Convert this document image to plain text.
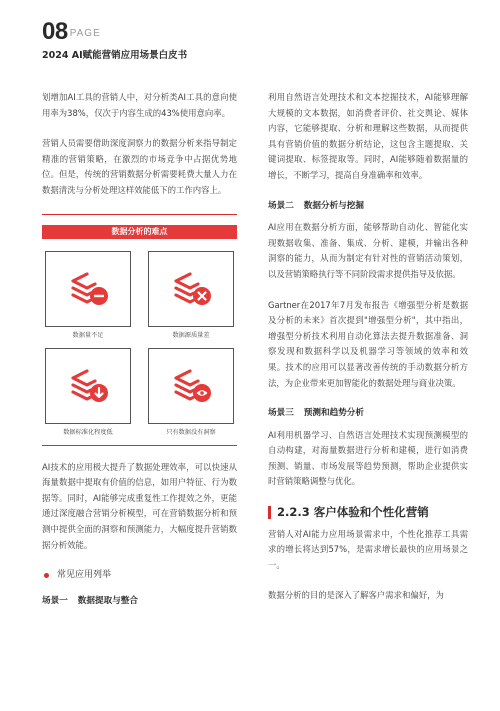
08 PAGE
2024 AI赋能营销应用场景白皮书

划增加AI工具的营销人中，对分析类AI工具的意向使用率为38%，仅次于内容生成的43%使用意向率。

营销人员需要借助深度洞察力的数据分析来指导制定精准的营销策略，在激烈的市场竞争中占据优势地位。但是，传统的营销数据分析需要耗费大量人力在数据清洗与分析处理这样效能低下的工作内容上。

数据分析的难点
数据量不足	数据源质量差
数据标准化程度低	只有数据没有洞察

AI技术的应用极大提升了数据处理效率，可以快速从海量数据中提取有价值的信息，如用户特征、行为数据等。同时，AI能够完成重复性工作提效之外，更能通过深度融合营销分析模型，可在营销数据分析和预测中提供全面的洞察和预测能力，大幅度提升营销数据分析效能。

常见应用列举
场景一 数据提取与整合

利用自然语言处理技术和文本挖掘技术，AI能够理解大规模的文本数据，如消费者评价、社交舆论、媒体内容，它能够提取、分析和理解这些数据，从而提供具有营销价值的数据分析结论，这包含主题提取、关键词提取、标签提取等。同时，AI能够随着数据量的增长，不断学习，提高自身准确率和效率。

场景二 数据分析与挖掘

AI应用在数据分析方面，能够帮助自动化、智能化实现数据收集、准备、集成、分析、建模，并输出各种洞察的能力，从而为制定有针对性的营销活动策划，以及营销策略执行等不同阶段需求提供指导及依据。

Gartner在2017年7月发布报告《增强型分析是数据及分析的未来》首次提到"增强型分析"，其中指出，增强型分析技术利用自动化算法去提升数据准备、洞察发现和数据科学以及机器学习等领域的效率和效果。技术的应用可以显著改善传统的手动数据分析方法，为企业带来更加智能化的数据处理与商业决策。

场景三 预测和趋势分析

AI利用机器学习、自然语言处理技术实现预测模型的自动构建，对海量数据进行分析和建模，进行如消费预测、销量、市场发展等趋势预测，帮助企业提供实时营销策略调整与优化。

2.2.3 客户体验和个性化营销

营销人对AI能力应用场景需求中，个性化推荐工具需求的增长将达到57%，是需求增长最快的应用场景之一。

数据分析的目的是深入了解客户需求和偏好，为
